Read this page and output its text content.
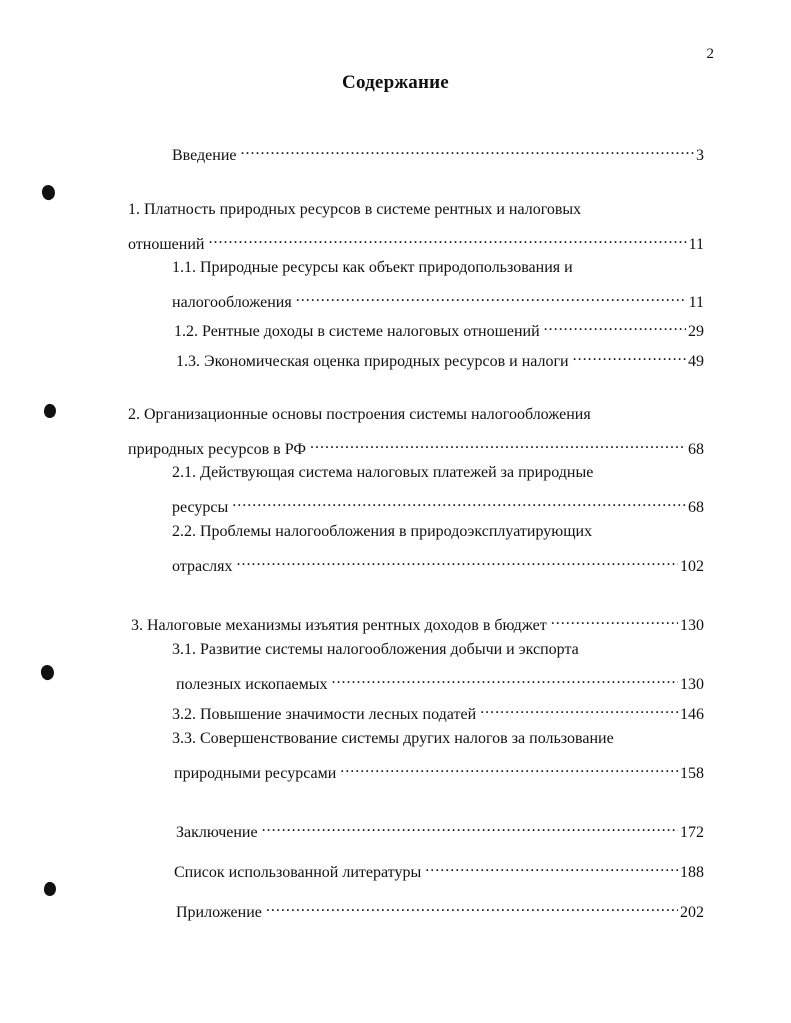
2
Содержание
Введение .....	3
1. Платность природных ресурсов в системе рентных и налоговых
отношений .....	11
1.1. Природные ресурсы как объект природопользования и
налогообложения .....	11
1.2. Рентные доходы в системе налоговых отношений .....	29
1.3. Экономическая оценка природных ресурсов и налоги .....	49
2. Организационные основы построения системы налогообложения
природных ресурсов в РФ .....	68
2.1. Действующая система налоговых платежей за природные
ресурсы .....	68
2.2. Проблемы налогообложения в природоэксплуатирующих
отраслях .....	102
3. Налоговые механизмы изъятия рентных доходов в бюджет .....	130
3.1. Развитие системы налогообложения добычи и экспорта
полезных ископаемых .....	130
3.2. Повышение значимости лесных податей .....	146
3.3. Совершенствование системы других налогов за пользование
природными ресурсами .....	158
Заключение .....	172
Список использованной литературы .....	188
Приложение .....	202
